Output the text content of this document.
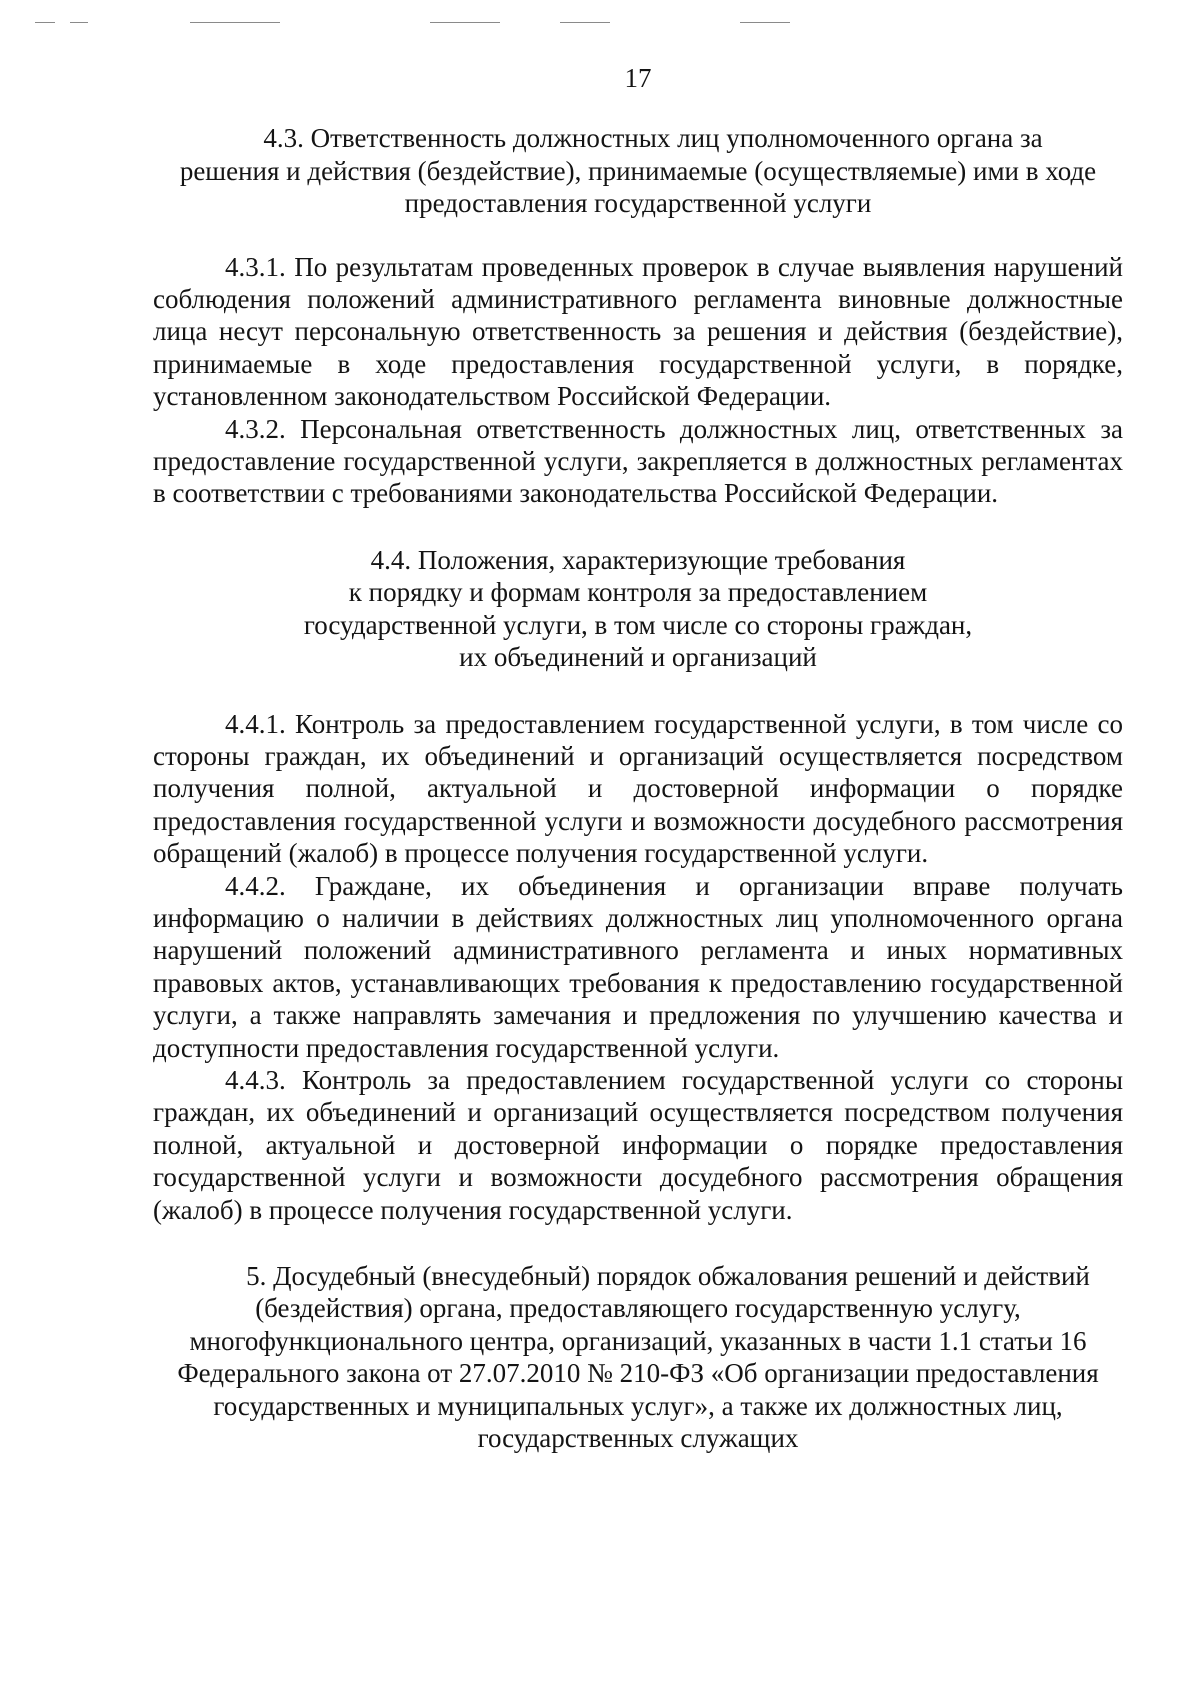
17
4.3. Ответственность должностных лиц уполномоченного органа за
решения и действия (бездействие), принимаемые (осуществляемые) ими в ходе
предоставления государственной услуги

4.3.1. По результатам проведенных проверок в случае выявления нарушений соблюдения положений административного регламента виновные должностные лица несут персональную ответственность за решения и действия (бездействие), принимаемые в ходе предоставления государственной услуги, в порядке, установленном законодательством Российской Федерации.

4.3.2. Персональная ответственность должностных лиц, ответственных за предоставление государственной услуги, закрепляется в должностных регламентах в соответствии с требованиями законодательства Российской Федерации.

4.4. Положения, характеризующие требования
к порядку и формам контроля за предоставлением
государственной услуги, в том числе со стороны граждан,
их объединений и организаций

4.4.1. Контроль за предоставлением государственной услуги, в том числе со стороны граждан, их объединений и организаций осуществляется посредством получения полной, актуальной и достоверной информации о порядке предоставления государственной услуги и возможности досудебного рассмотрения обращений (жалоб) в процессе получения государственной услуги.

4.4.2. Граждане, их объединения и организации вправе получать информацию о наличии в действиях должностных лиц уполномоченного органа нарушений положений административного регламента и иных нормативных правовых актов, устанавливающих требования к предоставлению государственной услуги, а также направлять замечания и предложения по улучшению качества и доступности предоставления государственной услуги.

4.4.3. Контроль за предоставлением государственной услуги со стороны граждан, их объединений и организаций осуществляется посредством получения полной, актуальной и достоверной информации о порядке предоставления государственной услуги и возможности досудебного рассмотрения обращения (жалоб) в процессе получения государственной услуги.

5. Досудебный (внесудебный) порядок обжалования решений и действий
(бездействия) органа, предоставляющего государственную услугу,
многофункционального центра, организаций, указанных в части 1.1 статьи 16
Федерального закона от 27.07.2010 № 210-ФЗ «Об организации предоставления
государственных и муниципальных услуг», а также их должностных лиц,
государственных служащих
